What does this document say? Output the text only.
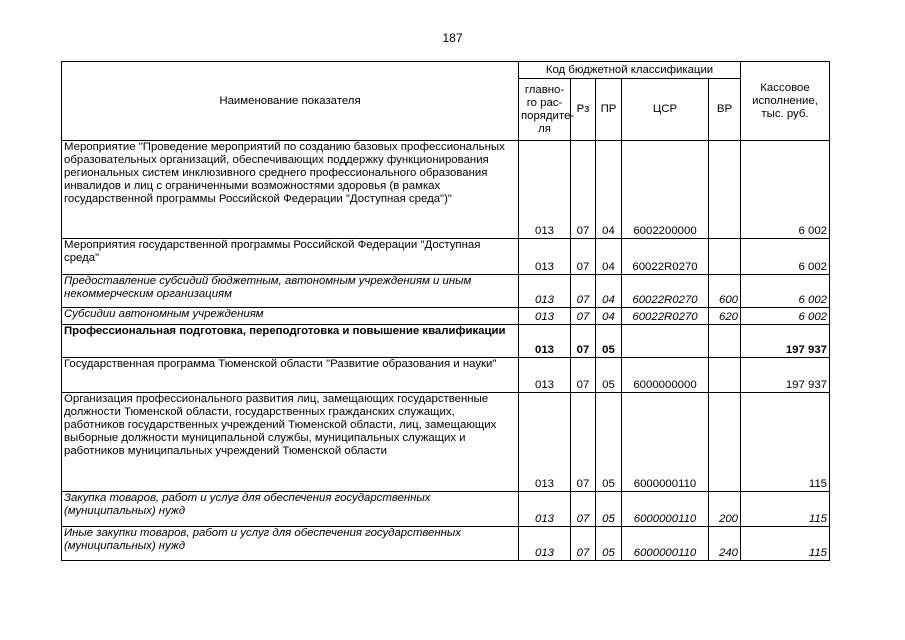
187
Наименование показателя	Код бюджетной классификации					Кассовое исполнение, тыс. руб.
	главно-го рас-порядитe-ля	Рз	ПР	ЦСР	ВР	
Мероприятие "Проведение мероприятий по созданию базовых профессиональных образовательных организаций, обеспечивающих поддержку функционирования региональных систем инклюзивного среднего профессионального образования инвалидов и лиц с ограниченными возможностями здоровья (в рамках государственной программы Российской Федерации "Доступная среда")"	013	07	04	6002200000		6 002
Мероприятия государственной программы Российской Федерации "Доступная среда"	013	07	04	60022R0270		6 002
Предоставление субсидий бюджетным, автономным учреждениям и иным некоммерческим организациям	013	07	04	60022R0270	600	6 002
Субсидии автономным учреждениям	013	07	04	60022R0270	620	6 002
Профессиональная подготовка, переподготовка и повышение квалификации	013	07	05			197 937
Государственная программа Тюменской области "Развитие образования и науки"	013	07	05	6000000000		197 937
Организация профессионального развития лиц, замещающих государственные должности Тюменской области, государственных гражданских служащих, работников государственных учреждений Тюменской области, лиц, замещающих выборные должности муниципальной службы, муниципальных служащих и работников муниципальных учреждений Тюменской области	013	07	05	6000000110		115
Закупка товаров, работ и услуг для обеспечения государственных (муниципальных) нужд	013	07	05	6000000110	200	115
Иные закупки товаров, работ и услуг для обеспечения государственных (муниципальных) нужд	013	07	05	6000000110	240	115
